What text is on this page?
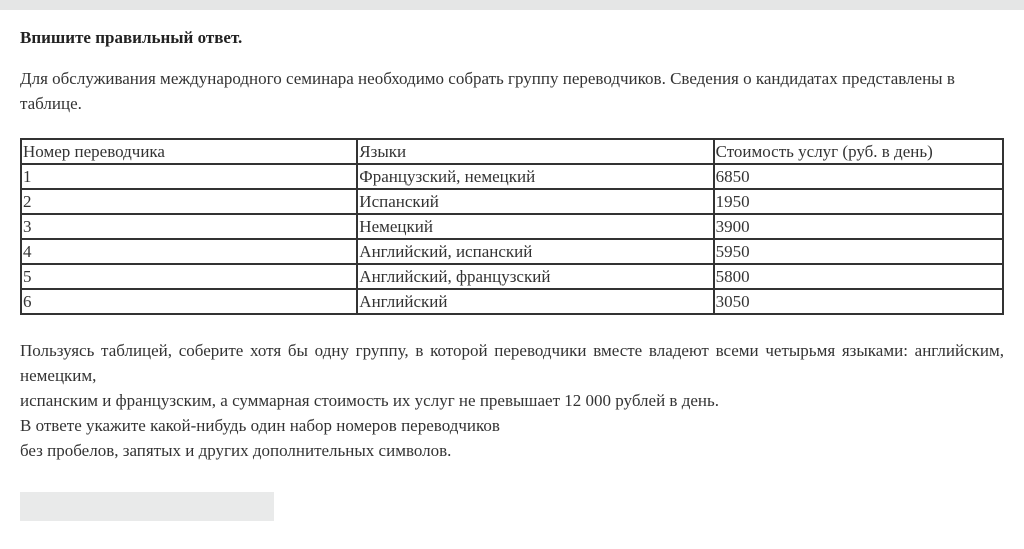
Впишите правильный ответ.

Для обслуживания международного семинара необходимо собрать группу переводчиков. Сведения о кандидатах представлены в таблице.

Номер переводчика	Языки	Стоимость услуг (руб. в день)
1	Французский, немецкий	6850
2	Испанский	1950
3	Немецкий	3900
4	Английский, испанский	5950
5	Английский, французский	5800
6	Английский	3050
Пользуясь таблицей, соберите хотя бы одну группу, в которой переводчики вместе владеют всеми четырьмя языками: английским, немецким,
испанским и французским, а суммарная стоимость их услуг не превышает 12 000 рублей в день.
В ответе укажите какой-нибудь один набор номеров переводчиков
без пробелов, запятых и других дополнительных символов.
